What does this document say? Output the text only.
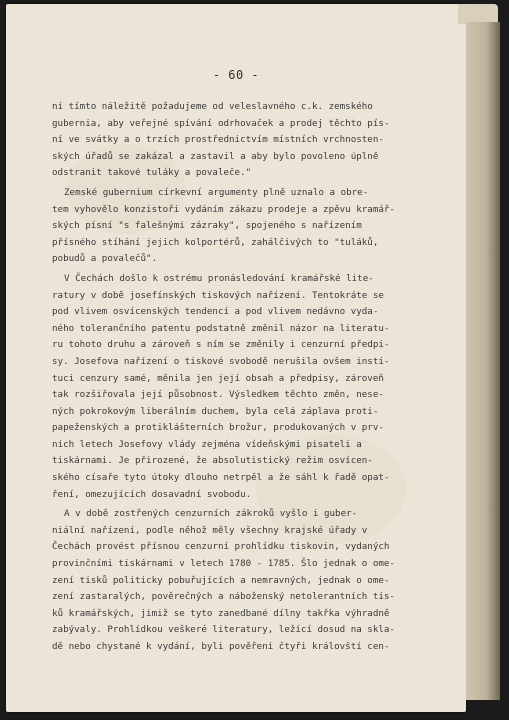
- 60 -

ní tímto náležitě požadujeme od veleslavného c.k. zemského

gubernia, aby veřejné spívání odrhovaček a prodej těchto pís-

ní ve svátky a o trzích prostřednictvím místních vrchnosten-

ských úřadů se zakázal a zastavil a aby bylo povoleno úplně

odstranit takové tuláky a povaleče."

Zemské gubernium církevní argumenty plně uznalo a obre-

tem vyhovělo konzistoři vydáním zákazu prodeje a zpěvu kramář-

ských písní "s falešnými zázraky", spojeného s nařízením

přísného stíhání jejich kolportérů, zahálčivých to "tuláků,

pobudů a povalečů".

V Čechách došlo k ostrému pronásledování kramářské lite-

ratury v době josefínských tiskových nařízení. Tentokráte se

pod vlivem osvícenských tendencí a pod vlivem nedávno vyda-

ného tolerančního patentu podstatně změnil názor na literatu-

ru tohoto druhu a zároveň s ním se změnily i cenzurní předpi-

sy. Josefova nařízení o tiskové svobodě nerušila ovšem insti-

tuci cenzury samé, měnila jen její obsah a předpisy, zároveň

tak rozšiřovala její působnost. Výsledkem těchto změn, nese-

ných pokrokovým liberálním duchem, byla celá záplava proti-

papeženských a protiklášterních brožur, produkovaných v prv-

ních letech Josefovy vlády zejména vídeňskými pisateli a

tiskárnami. Je přirozené, že absolutistický režim osvícen-

ského císaře tyto útoky dlouho netrpěl a že sáhl k řadě opat-

ření, omezujících dosavadní svobodu.

A v době zostřených cenzurních zákroků vyšlo i guber-

niální nařízení, podle něhož měly všechny krajské úřady v

Čechách provést přísnou cenzurní prohlídku tiskovin, vydaných

provinčními tiskárnami v letech 1780 - 1785. Šlo jednak o ome-

zení tisků politicky pobuřujících a nemravných, jednak o ome-

zení zastaralých, pověrečných a náboženský netolerantních tis-

ků kramářských, jimiž se tyto zanedbané dílny takřka výhradně

zabývaly. Prohlídkou veškeré literatury, ležící dosud na skla-

dě nebo chystané k vydání, byli pověřeni čtyři královští cen-
